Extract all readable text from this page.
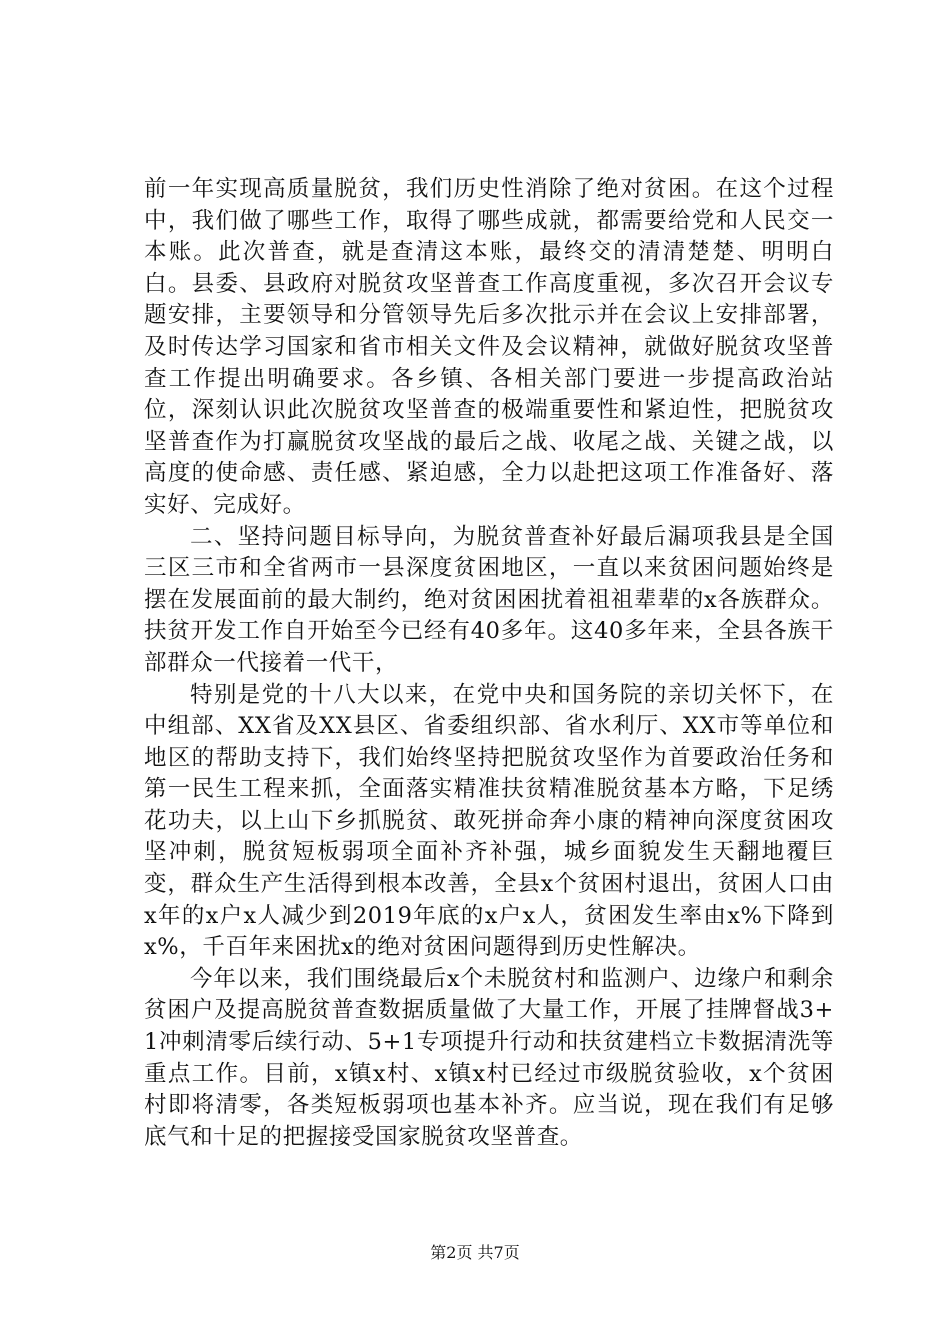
前一年实现高质量脱贫，我们历史性消除了绝对贫困。在这个过程中，我们做了哪些工作，取得了哪些成就，都需要给党和人民交一本账。此次普查，就是查清这本账，最终交的清清楚楚、明明白白。县委、县政府对脱贫攻坚普查工作高度重视，多次召开会议专题安排，主要领导和分管领导先后多次批示并在会议上安排部署，及时传达学习国家和省市相关文件及会议精神，就做好脱贫攻坚普查工作提出明确要求。各乡镇、各相关部门要进一步提高政治站位，深刻认识此次脱贫攻坚普查的极端重要性和紧迫性，把脱贫攻坚普查作为打赢脱贫攻坚战的最后之战、收尾之战、关键之战，以高度的使命感、责任感、紧迫感，全力以赴把这项工作准备好、落实好、完成好。

二、坚持问题目标导向，为脱贫普查补好最后漏项我县是全国三区三市和全省两市一县深度贫困地区，一直以来贫困问题始终是摆在发展面前的最大制约，绝对贫困困扰着祖祖辈辈的x各族群众。扶贫开发工作自开始至今已经有40多年。这40多年来，全县各族干部群众一代接着一代干，

特别是党的十八大以来，在党中央和国务院的亲切关怀下，在中组部、XX省及XX县区、省委组织部、省水利厅、XX市等单位和地区的帮助支持下，我们始终坚持把脱贫攻坚作为首要政治任务和第一民生工程来抓，全面落实精准扶贫精准脱贫基本方略，下足绣花功夫，以上山下乡抓脱贫、敢死拼命奔小康的精神向深度贫困攻坚冲刺，脱贫短板弱项全面补齐补强，城乡面貌发生天翻地覆巨变，群众生产生活得到根本改善，全县x个贫困村退出，贫困人口由x年的x户x人减少到2019年底的x户x人，贫困发生率由x%下降到x%，千百年来困扰x的绝对贫困问题得到历史性解决。

今年以来，我们围绕最后x个未脱贫村和监测户、边缘户和剩余贫困户及提高脱贫普查数据质量做了大量工作，开展了挂牌督战3+1冲刺清零后续行动、5+1专项提升行动和扶贫建档立卡数据清洗等重点工作。目前，x镇x村、x镇x村已经过市级脱贫验收，x个贫困村即将清零，各类短板弱项也基本补齐。应当说，现在我们有足够底气和十足的把握接受国家脱贫攻坚普查。

第2页 共7页
